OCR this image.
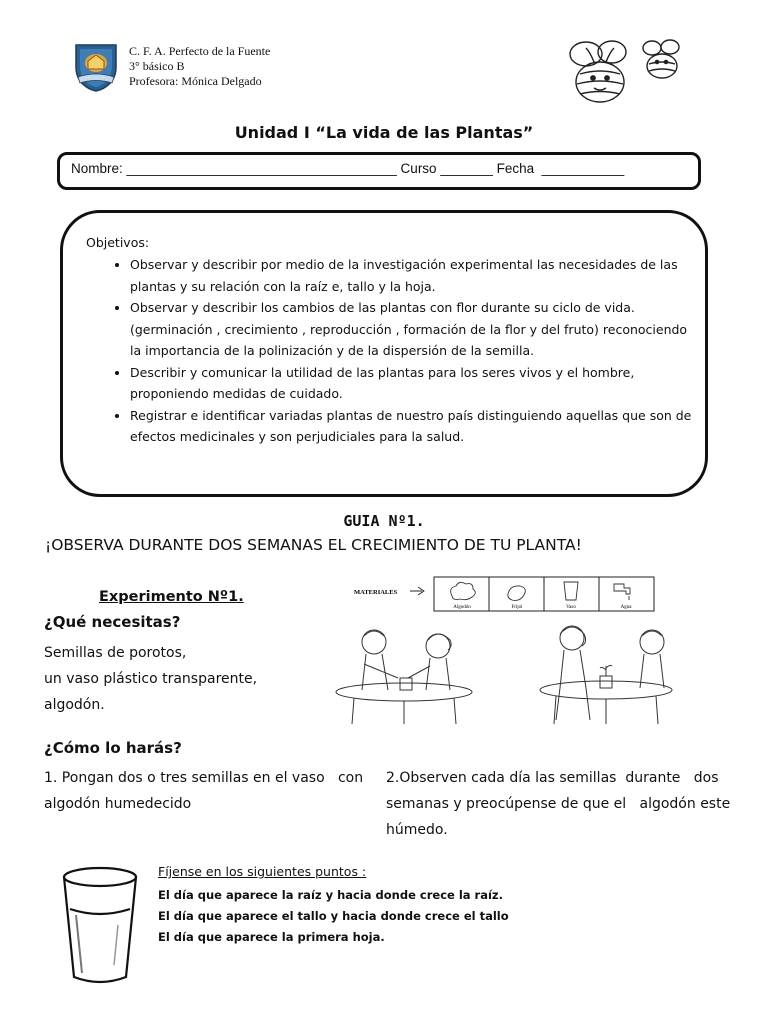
C. F. A. Perfecto de la Fuente
3° básico B
Profesora: Mónica Delgado
Unidad I “La vida de las Plantas”
Nombre: ____________________________________ Curso _______ Fecha  ___________
Objetivos:
• Observar y describir por medio de la investigación experimental las necesidades de las plantas y su relación con la raíz e, tallo y la hoja.
• Observar y describir los cambios de las plantas con flor durante su ciclo de vida. (germinación , crecimiento , reproducción , formación de la flor y del fruto) reconociendo la importancia de la polinización y de la dispersión de la semilla.
• Describir y comunicar la utilidad de las plantas para los seres vivos y el hombre, proponiendo medidas de cuidado.
• Registrar e identificar variadas plantas de nuestro país distinguiendo aquellas que son de efectos medicinales y son perjudiciales para la salud.
GUIA Nº1.
¡OBSERVA DURANTE DOS SEMANAS EL CRECIMIENTO DE TU PLANTA!
Experimento Nº1.
¿Qué necesitas?
Semillas de porotos,
un vaso plástico transparente,
algodón.
MATERIALES
Algodón	Frijol	Vaso	Agua
¿Cómo lo harás?
1. Pongan dos o tres semillas en el vaso   con algodón humedecido
2.Observen cada día las semillas  durante   dos semanas y preocúpense de que el   algodón este húmedo.
Fíjense en los siguientes puntos :
El día que aparece la raíz y hacia donde crece la raíz.
El día que aparece el tallo y hacia donde crece el tallo
El día que aparece la primera hoja.
